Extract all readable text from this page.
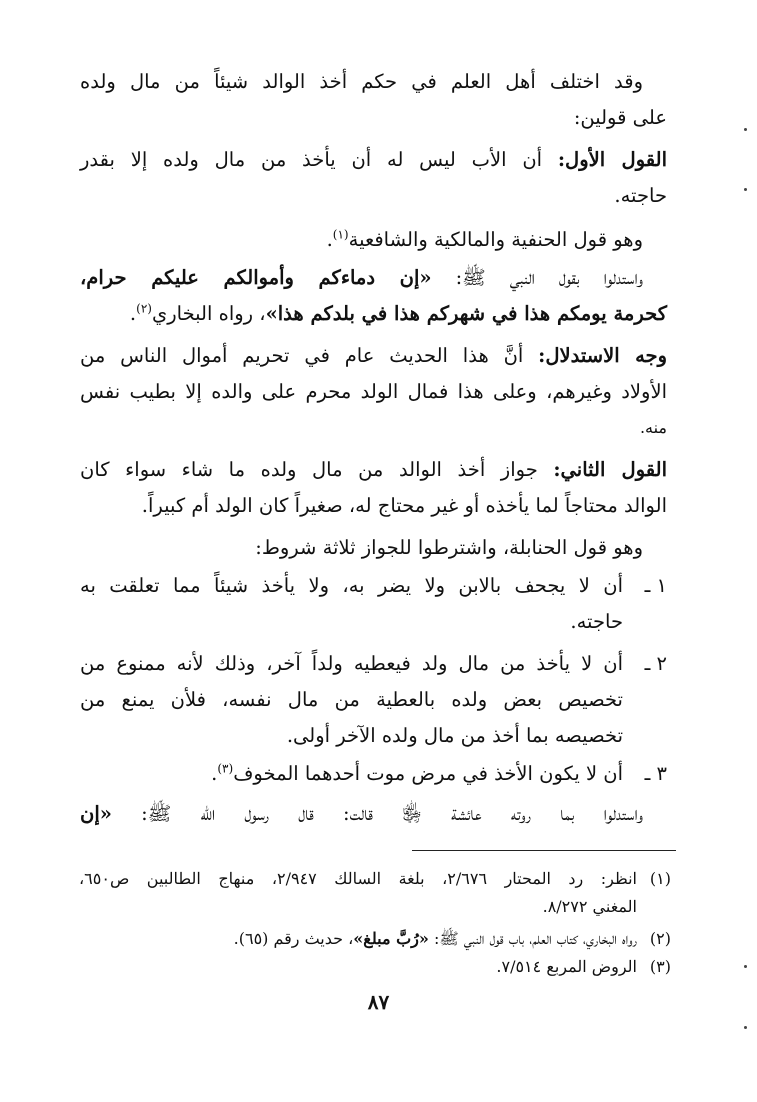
وقد اختلف أهل العلم في حكم أخذ الوالد شيئاً من مال ولده
على قولين:
القول الأول: أن الأب ليس له أن يأخذ من مال ولده إلا بقدر
حاجته.
وهو قول الحنفية والمالكية والشافعية$^{(١)}$.
واستدلوا بقول النبي ﷺ: «إن دماءكم وأموالكم عليكم حرام،
كحرمة يومكم هذا في شهركم هذا في بلدكم هذا»، رواه البخاري$^{(٢)}$.
وجه الاستدلال: أنَّ هذا الحديث عام في تحريم أموال الناس من
الأولاد وغيرهم، وعلى هذا فمال الولد محرم على والده إلا بطيب نفس
منه.
القول الثاني: جواز أخذ الوالد من مال ولده ما شاء سواء كان
الوالد محتاجاً لما يأخذه أو غير محتاج له، صغيراً كان الولد أم كبيراً.
وهو قول الحنابلة، واشترطوا للجواز ثلاثة شروط:
١ ـ
أن لا يجحف بالابن ولا يضر به، ولا يأخذ شيئاً مما تعلقت به
حاجته.
٢ ـ
أن لا يأخذ من مال ولد فيعطيه ولداً آخر، وذلك لأنه ممنوع من
تخصيص بعض ولده بالعطية من مال نفسه، فلأن يمنع من
تخصيصه بما أخذ من مال ولده الآخر أولى.
٣ ـ
أن لا يكون الأخذ في مرض موت أحدهما المخوف$^{(٣)}$.
واستدلوا بما روته عائشة ﵂ قالت: قال رسول الله ﷺ: «إن
(١)
انظر: رد المحتار ٢/٦٧٦، بلغة السالك ٢/٩٤٧، منهاج الطالبين ص٦٥٠،
المغني ٨/٢٧٢.
(٢)
رواه البخاري، كتاب العلم، باب قول النبي ﷺ: «رُبَّ مبلغ»، حديث رقم (٦٥).
(٣)
الروض المربع ٧/٥١٤.
٨٧
